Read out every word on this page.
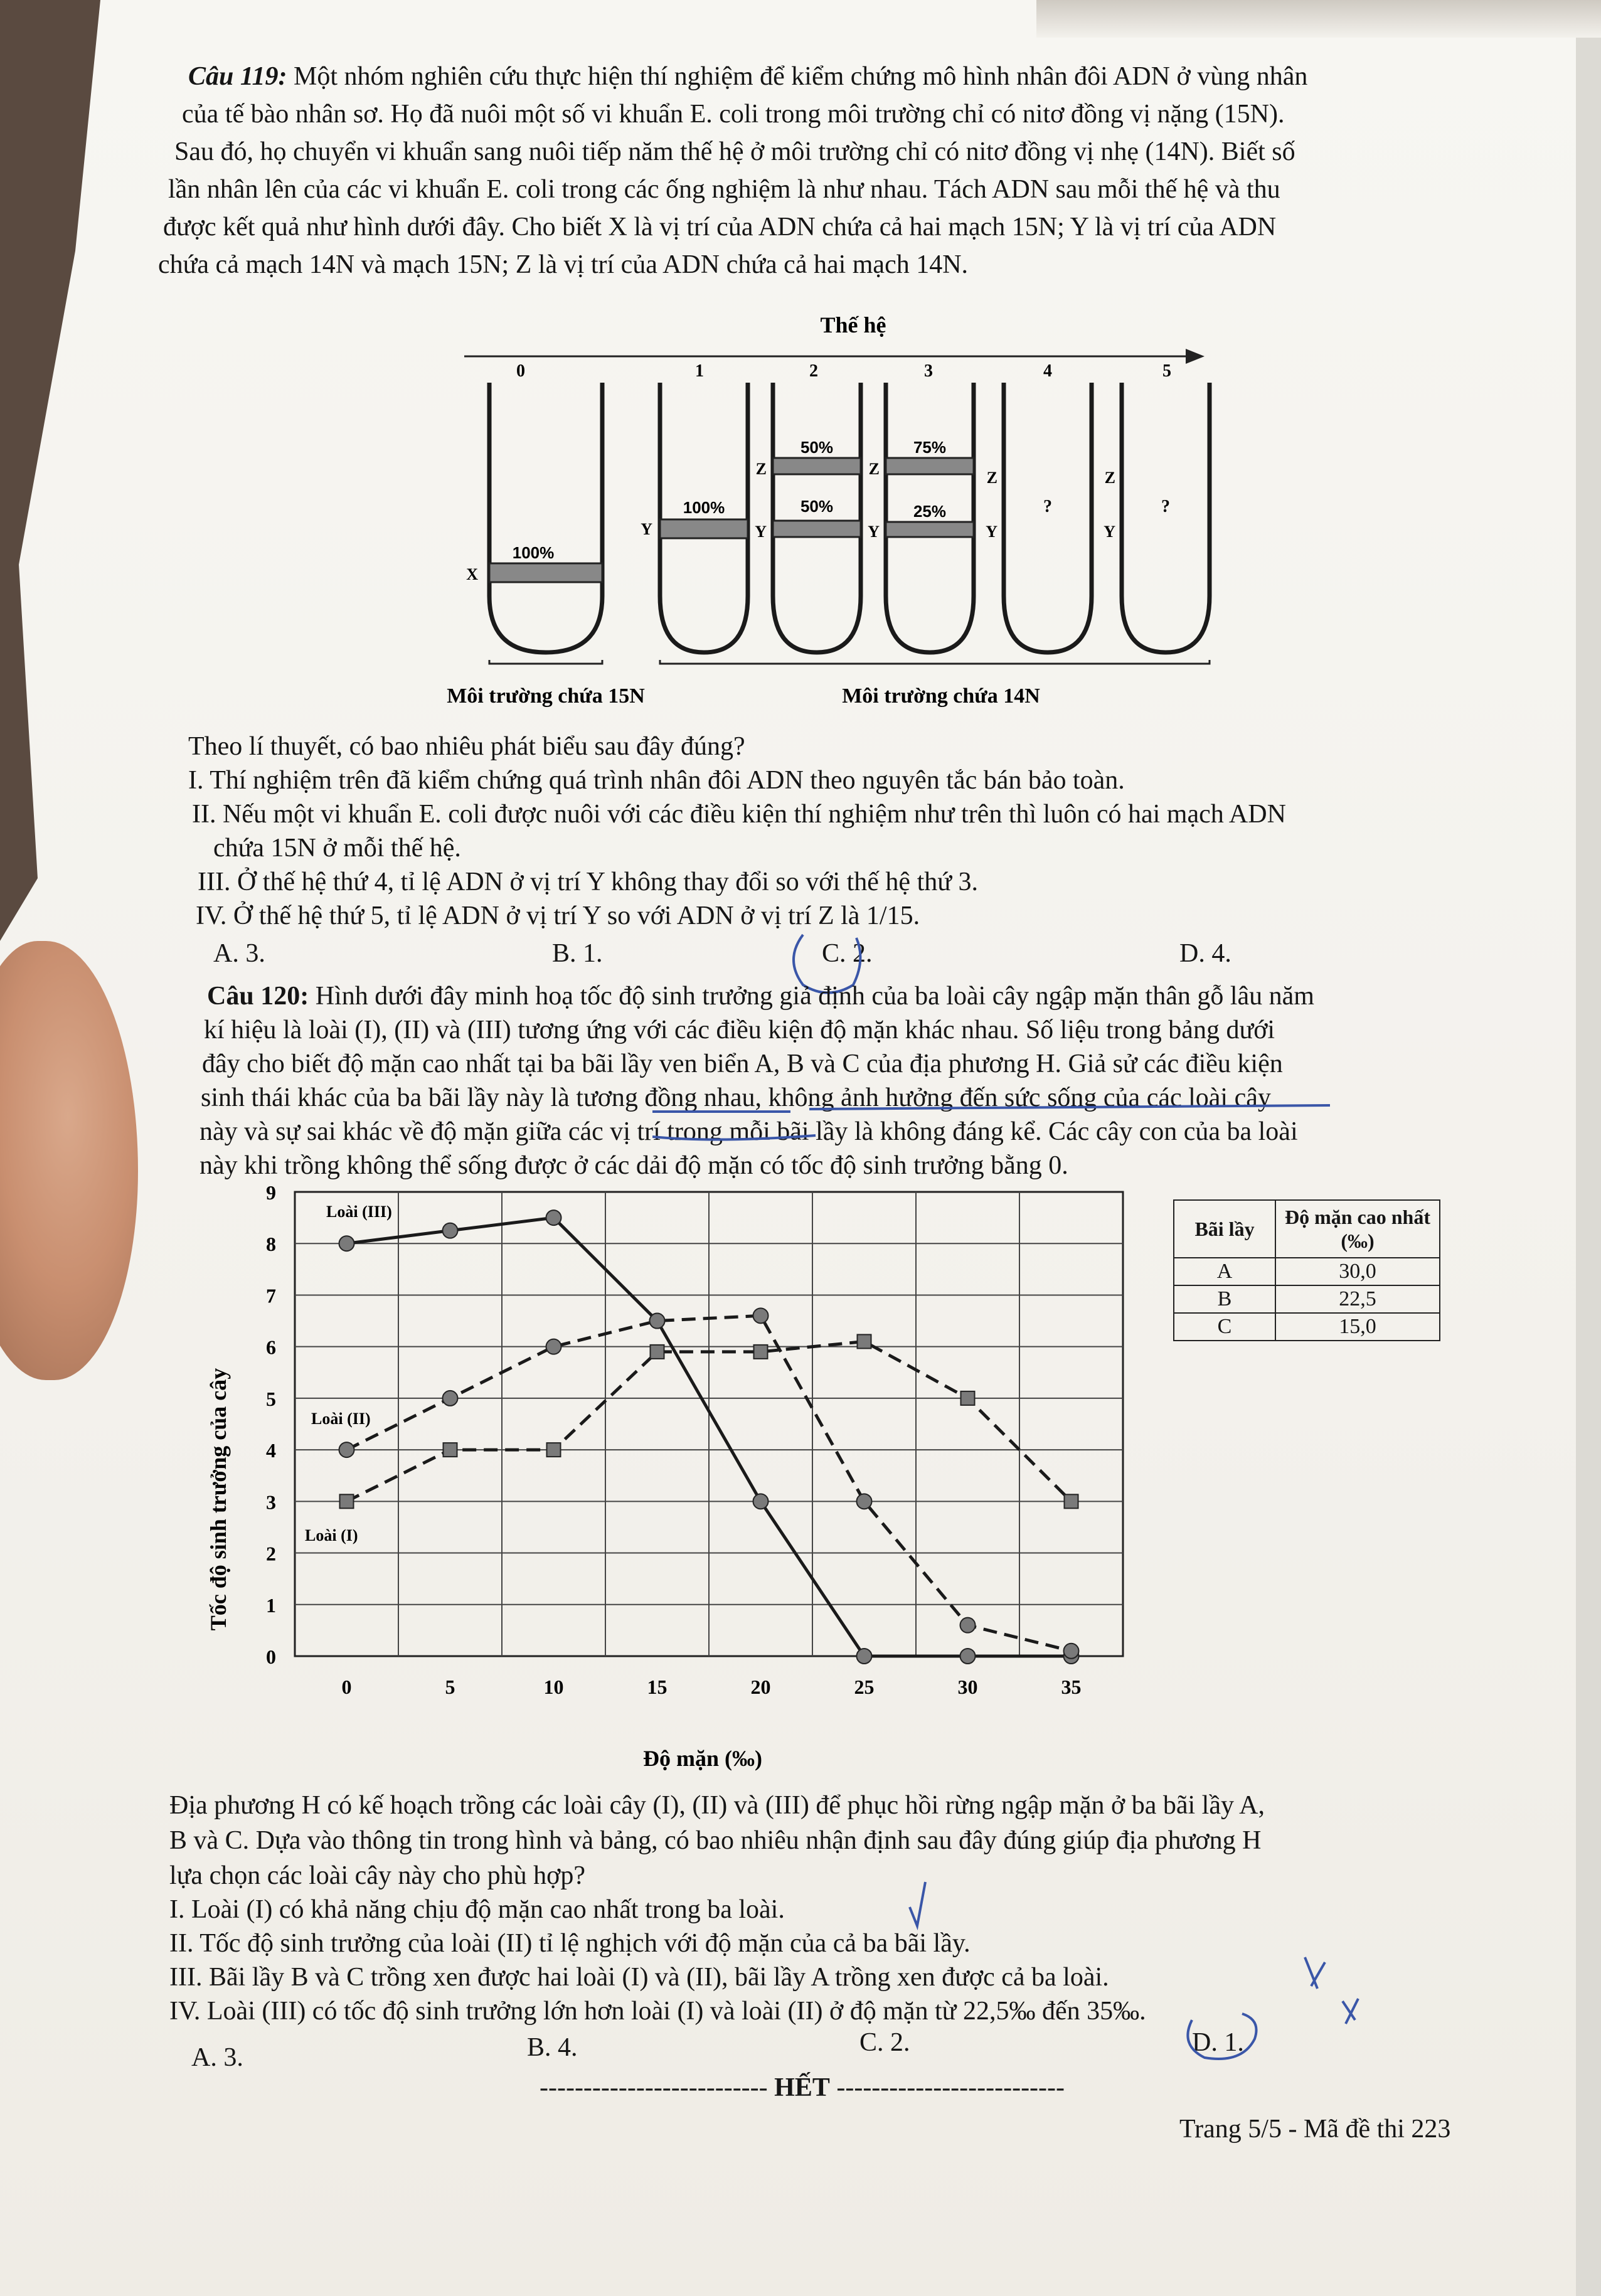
Câu 119: Một nhóm nghiên cứu thực hiện thí nghiệm để kiểm chứng mô hình nhân đôi ADN ở vùng nhân
của tế bào nhân sơ. Họ đã nuôi một số vi khuẩn E. coli trong môi trường chỉ có nitơ đồng vị nặng (15N).
Sau đó, họ chuyển vi khuẩn sang nuôi tiếp năm thế hệ ở môi trường chỉ có nitơ đồng vị nhẹ (14N). Biết số
lần nhân lên của các vi khuẩn E. coli trong các ống nghiệm là như nhau. Tách ADN sau mỗi thế hệ và thu
được kết quả như hình dưới đây. Cho biết X là vị trí của ADN chứa cả hai mạch 15N; Y là vị trí của ADN
chứa cả mạch 14N và mạch 15N; Z là vị trí của ADN chứa cả hai mạch 14N.
Thế hệ
0	1	2	3	4	5
100%
X
100%
Y
50%
50%
Z
Y
75%
25%
Z
Y
?
Z
Y
?
Z
Y
Môi trường chứa 15N	Môi trường chứa 14N
Theo lí thuyết, có bao nhiêu phát biểu sau đây đúng?
I. Thí nghiệm trên đã kiểm chứng quá trình nhân đôi ADN theo nguyên tắc bán bảo toàn.
II. Nếu một vi khuẩn E. coli được nuôi với các điều kiện thí nghiệm như trên thì luôn có hai mạch ADN
chứa 15N ở mỗi thế hệ.
III. Ở thế hệ thứ 4, tỉ lệ ADN ở vị trí Y không thay đổi so với thế hệ thứ 3.
IV. Ở thế hệ thứ 5, tỉ lệ ADN ở vị trí Y so với ADN ở vị trí Z là 1/15.
A. 3.	B. 1.	C. 2.	D. 4.
Câu 120: Hình dưới đây minh hoạ tốc độ sinh trưởng giả định của ba loài cây ngập mặn thân gỗ lâu năm
kí hiệu là loài (I), (II) và (III) tương ứng với các điều kiện độ mặn khác nhau. Số liệu trong bảng dưới
đây cho biết độ mặn cao nhất tại ba bãi lầy ven biển A, B và C của địa phương H. Giả sử các điều kiện
sinh thái khác của ba bãi lầy này là tương đồng nhau, không ảnh hưởng đến sức sống của các loài cây
này và sự sai khác về độ mặn giữa các vị trí trong mỗi bãi lầy là không đáng kể. Các cây con của ba loài
này khi trồng không thể sống được ở các dải độ mặn có tốc độ sinh trưởng bằng 0.
0
1
2
3
4
5
6
7
8
9
0	5	10	15	20	25	30	35
Tốc độ sinh trưởng của cây
Độ mặn (‰)
Loài (III)
Loài (II)
Loài (I)
Bãi lầy	Độ mặn cao nhất (‰)
A	30,0
B	22,5
C	15,0
Địa phương H có kế hoạch trồng các loài cây (I), (II) và (III) để phục hồi rừng ngập mặn ở ba bãi lầy A,
B và C. Dựa vào thông tin trong hình và bảng, có bao nhiêu nhận định sau đây đúng giúp địa phương H
lựa chọn các loài cây này cho phù hợp?
I. Loài (I) có khả năng chịu độ mặn cao nhất trong ba loài.
II. Tốc độ sinh trưởng của loài (II) tỉ lệ nghịch với độ mặn của cả ba bãi lầy.
III. Bãi lầy B và C trồng xen được hai loài (I) và (II), bãi lầy A trồng xen được cả ba loài.
IV. Loài (III) có tốc độ sinh trưởng lớn hơn loài (I) và loài (II) ở độ mặn từ 22,5‰ đến 35‰.
A. 3.	B. 4.	C. 2.	D. 1.
-------------------------- HẾT --------------------------
Trang 5/5 - Mã đề thi 223
